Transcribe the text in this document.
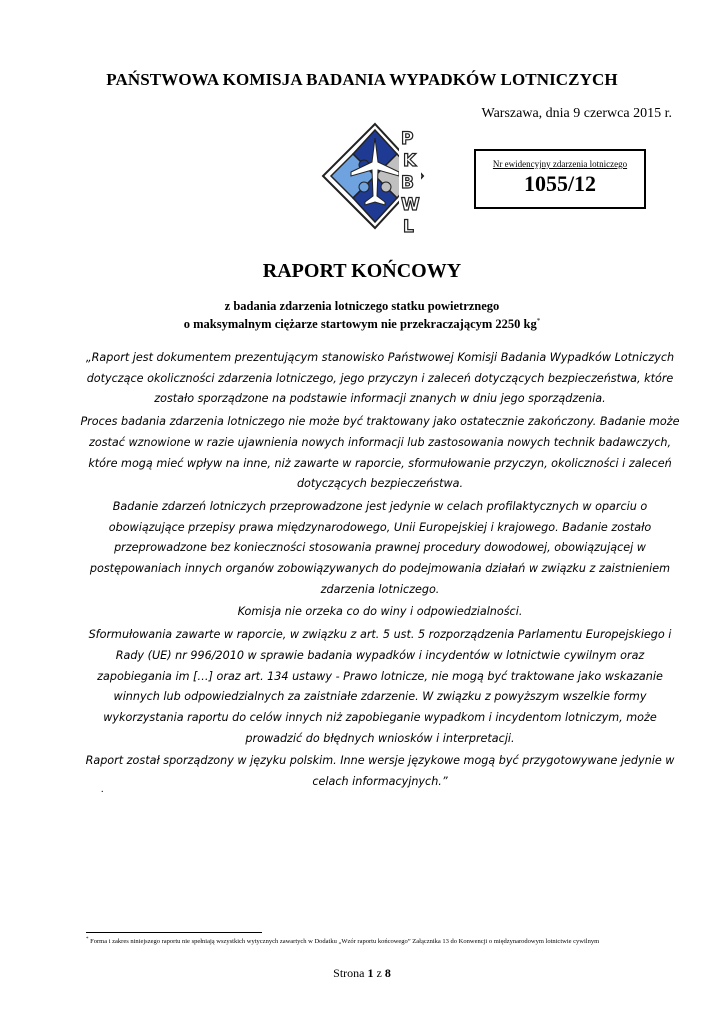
PAŃSTWOWA KOMISJA BADANIA WYPADKÓW LOTNICZYCH
Warszawa, dnia 9 czerwca 2015 r.
P
K
B
W
L
Nr ewidencyjny zdarzenia lotniczego
1055/12
RAPORT KOŃCOWY
z badania zdarzenia lotniczego statku powietrznego
o maksymalnym ciężarze startowym nie przekraczającym 2250 kg*

„Raport jest dokumentem prezentującym stanowisko Państwowej Komisji Badania Wypadków Lotniczych dotyczące okoliczności zdarzenia lotniczego, jego przyczyn i zaleceń dotyczących bezpieczeństwa, które zostało sporządzone na podstawie informacji znanych w dniu jego sporządzenia.

Proces badania zdarzenia lotniczego nie może być traktowany jako ostatecznie zakończony. Badanie może zostać wznowione w razie ujawnienia nowych informacji lub zastosowania nowych technik badawczych, które mogą mieć wpływ na inne, niż zawarte w raporcie, sformułowanie przyczyn, okoliczności i zaleceń dotyczących bezpieczeństwa.

Badanie zdarzeń lotniczych przeprowadzone jest jedynie w celach profilaktycznych w oparciu o obowiązujące przepisy prawa międzynarodowego, Unii Europejskiej i krajowego. Badanie zostało przeprowadzone bez konieczności stosowania prawnej procedury dowodowej, obowiązującej w postępowaniach innych organów zobowiązywanych do podejmowania działań w związku z zaistnieniem zdarzenia lotniczego.

Komisja nie orzeka co do winy i odpowiedzialności.

Sformułowania zawarte w raporcie, w związku z art. 5 ust. 5 rozporządzenia Parlamentu Europejskiego i Rady (UE) nr 996/2010 w sprawie badania wypadków i incydentów w lotnictwie cywilnym oraz zapobiegania im […] oraz art. 134 ustawy - Prawo lotnicze, nie mogą być traktowane jako wskazanie winnych lub odpowiedzialnych za zaistniałe zdarzenie. W związku z powyższym wszelkie formy wykorzystania raportu do celów innych niż zapobieganie wypadkom i incydentom lotniczym, może prowadzić do błędnych wniosków i interpretacji.

Raport został sporządzony w języku polskim. Inne wersje językowe mogą być przygotowywane jedynie w celach informacyjnych.”

.
* Forma i zakres niniejszego raportu nie spełniają wszystkich wytycznych zawartych w Dodatku „Wzór raportu końcowego” Załącznika 13 do Konwencji o międzynarodowym lotnictwie cywilnym
Strona 1 z 8
